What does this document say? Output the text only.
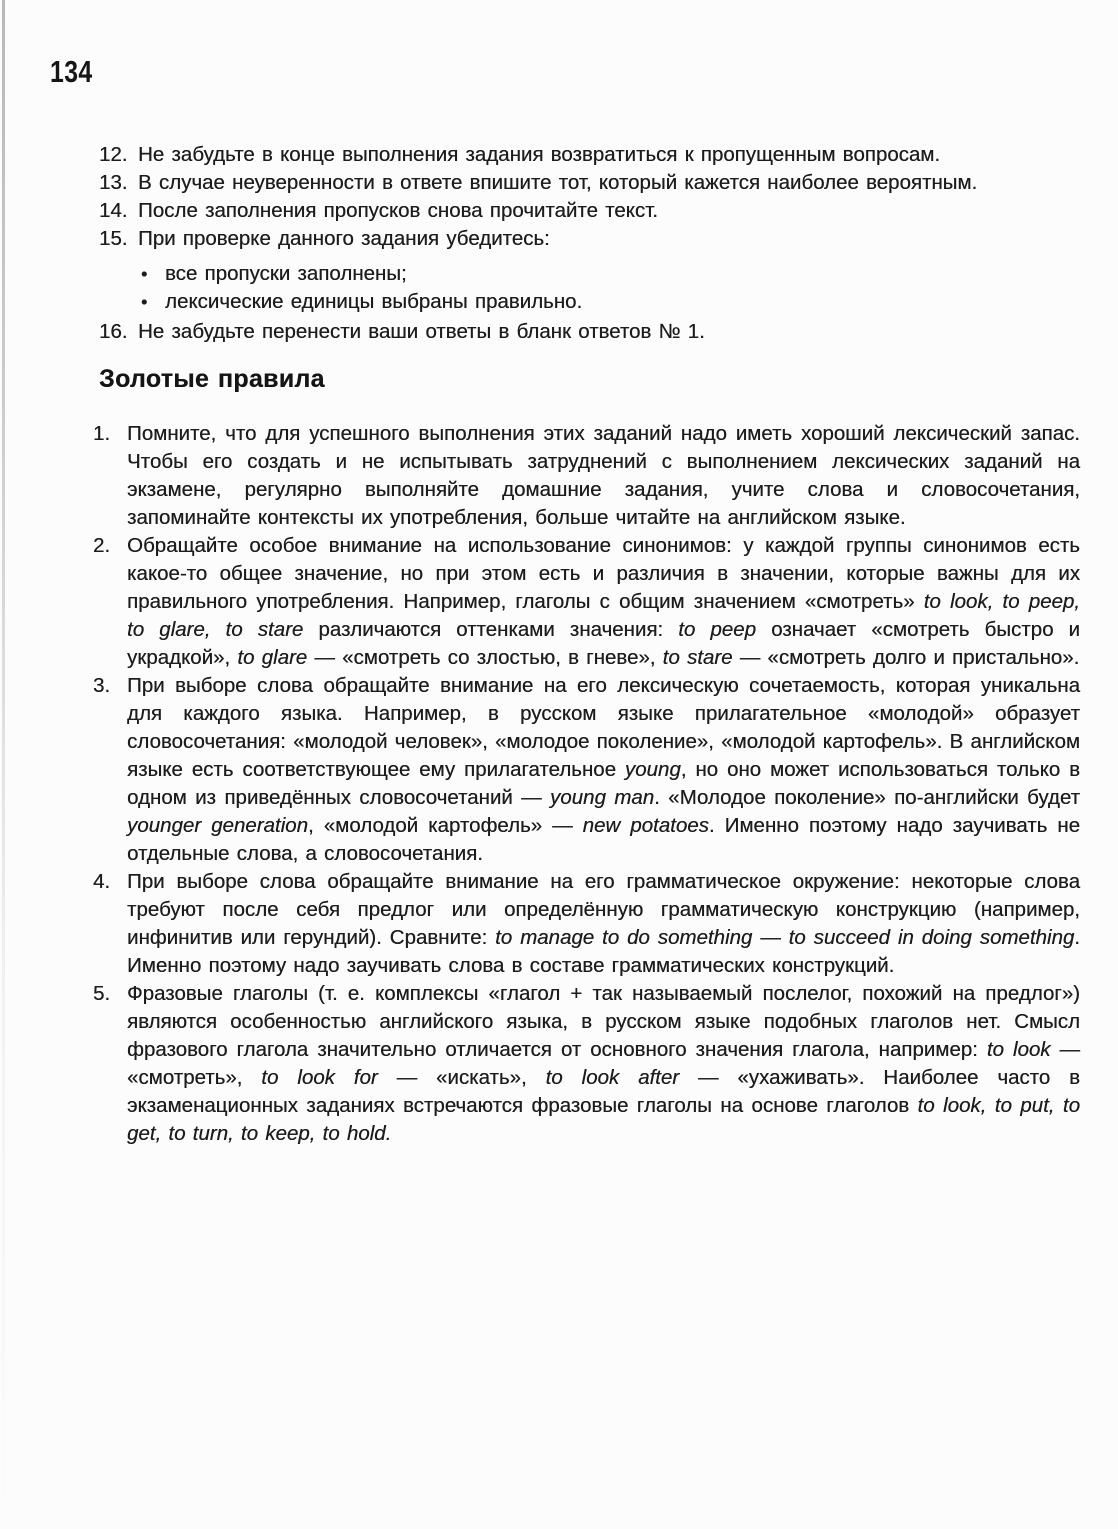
134
12. Не забудьте в конце выполнения задания возвратиться к пропущенным вопросам.
13. В случае неуверенности в ответе впишите тот, который кажется наиболее вероятным.
14. После заполнения пропусков снова прочитайте текст.
15. При проверке данного задания убедитесь:
• все пропуски заполнены;
• лексические единицы выбраны правильно.
16. Не забудьте перенести ваши ответы в бланк ответов № 1.
Золотые правила
1. Помните, что для успешного выполнения этих заданий надо иметь хороший лексический запас. Чтобы его создать и не испытывать затруднений с выполнением лексических заданий на экзамене, регулярно выполняйте домашние задания, учите слова и словосочетания, запоминайте контексты их употребления, больше читайте на английском языке.
2. Обращайте особое внимание на использование синонимов: у каждой группы синонимов есть какое-то общее значение, но при этом есть и различия в значении, которые важны для их правильного употребления. Например, глаголы с общим значением «смотреть» to look, to peep, to glare, to stare различаются оттенками значения: to peep означает «смотреть быстро и украдкой», to glare — «смотреть со злостью, в гневе», to stare — «смотреть долго и пристально».
3. При выборе слова обращайте внимание на его лексическую сочетаемость, которая уникальна для каждого языка. Например, в русском языке прилагательное «молодой» образует словосочетания: «молодой человек», «молодое поколение», «молодой картофель». В английском языке есть соответствующее ему прилагательное young, но оно может использоваться только в одном из приведённых словосочетаний — young man. «Молодое поколение» по-английски будет younger generation, «молодой картофель» — new potatoes. Именно поэтому надо заучивать не отдельные слова, а словосочетания.
4. При выборе слова обращайте внимание на его грамматическое окружение: некоторые слова требуют после себя предлог или определённую грамматическую конструкцию (например, инфинитив или герундий). Сравните: to manage to do something — to succeed in doing something. Именно поэтому надо заучивать слова в составе грамматических конструкций.
5. Фразовые глаголы (т. е. комплексы «глагол + так называемый послелог, похожий на предлог») являются особенностью английского языка, в русском языке подобных глаголов нет. Смысл фразового глагола значительно отличается от основного значения глагола, например: to look — «смотреть», to look for — «искать», to look after — «ухаживать». Наиболее часто в экзаменационных заданиях встречаются фразовые глаголы на основе глаголов to look, to put, to get, to turn, to keep, to hold.
